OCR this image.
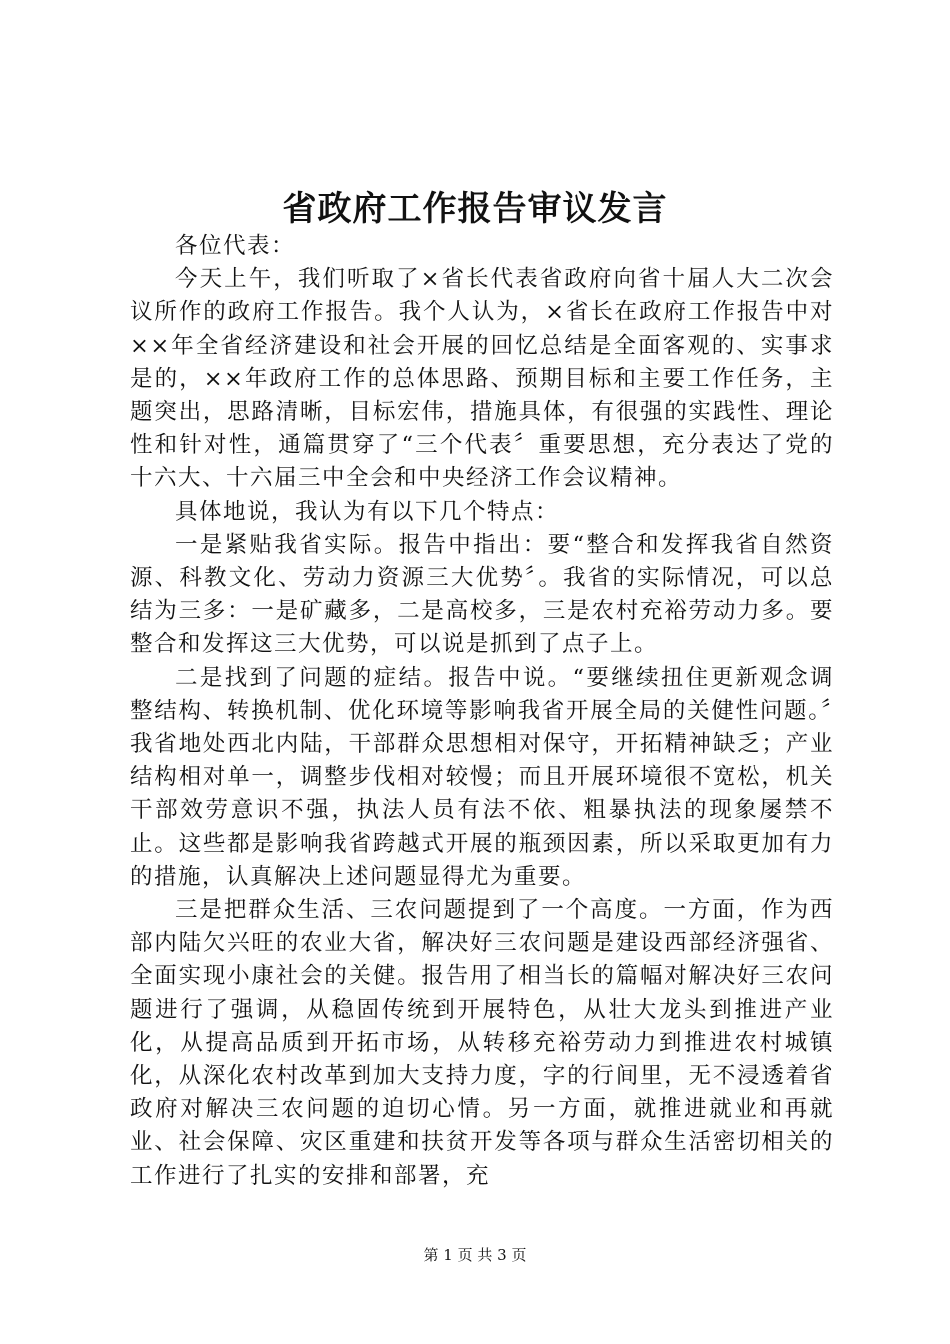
省政府工作报告审议发言

各位代表：

今天上午，我们听取了×省长代表省政府向省十届人大二次会议所作的政府工作报告。我个人认为，×省长在政府工作报告中对××年全省经济建设和社会开展的回忆总结是全面客观的、实事求是的，××年政府工作的总体思路、预期目标和主要工作任务，主题突出，思路清晰，目标宏伟，措施具体，有很强的实践性、理论性和针对性，通篇贯穿了“三个代表〞重要思想，充分表达了党的十六大、十六届三中全会和中央经济工作会议精神。

具体地说，我认为有以下几个特点：

一是紧贴我省实际。报告中指出：要“整合和发挥我省自然资源、科教文化、劳动力资源三大优势〞。我省的实际情况，可以总结为三多：一是矿藏多，二是高校多，三是农村充裕劳动力多。要整合和发挥这三大优势，可以说是抓到了点子上。

二是找到了问题的症结。报告中说。“要继续扭住更新观念调整结构、转换机制、优化环境等影响我省开展全局的关健性问题。〞我省地处西北内陆，干部群众思想相对保守，开拓精神缺乏；产业结构相对单一，调整步伐相对较慢；而且开展环境很不宽松，机关干部效劳意识不强，执法人员有法不依、粗暴执法的现象屡禁不止。这些都是影响我省跨越式开展的瓶颈因素，所以采取更加有力的措施，认真解决上述问题显得尤为重要。

三是把群众生活、三农问题提到了一个高度。一方面，作为西部内陆欠兴旺的农业大省，解决好三农问题是建设西部经济强省、全面实现小康社会的关健。报告用了相当长的篇幅对解决好三农问题进行了强调，从稳固传统到开展特色，从壮大龙头到推进产业化，从提高品质到开拓市场，从转移充裕劳动力到推进农村城镇化，从深化农村改革到加大支持力度，字的行间里，无不浸透着省政府对解决三农问题的迫切心情。另一方面，就推进就业和再就业、社会保障、灾区重建和扶贫开发等各项与群众生活密切相关的工作进行了扎实的安排和部署，充

第 1 页 共 3 页
